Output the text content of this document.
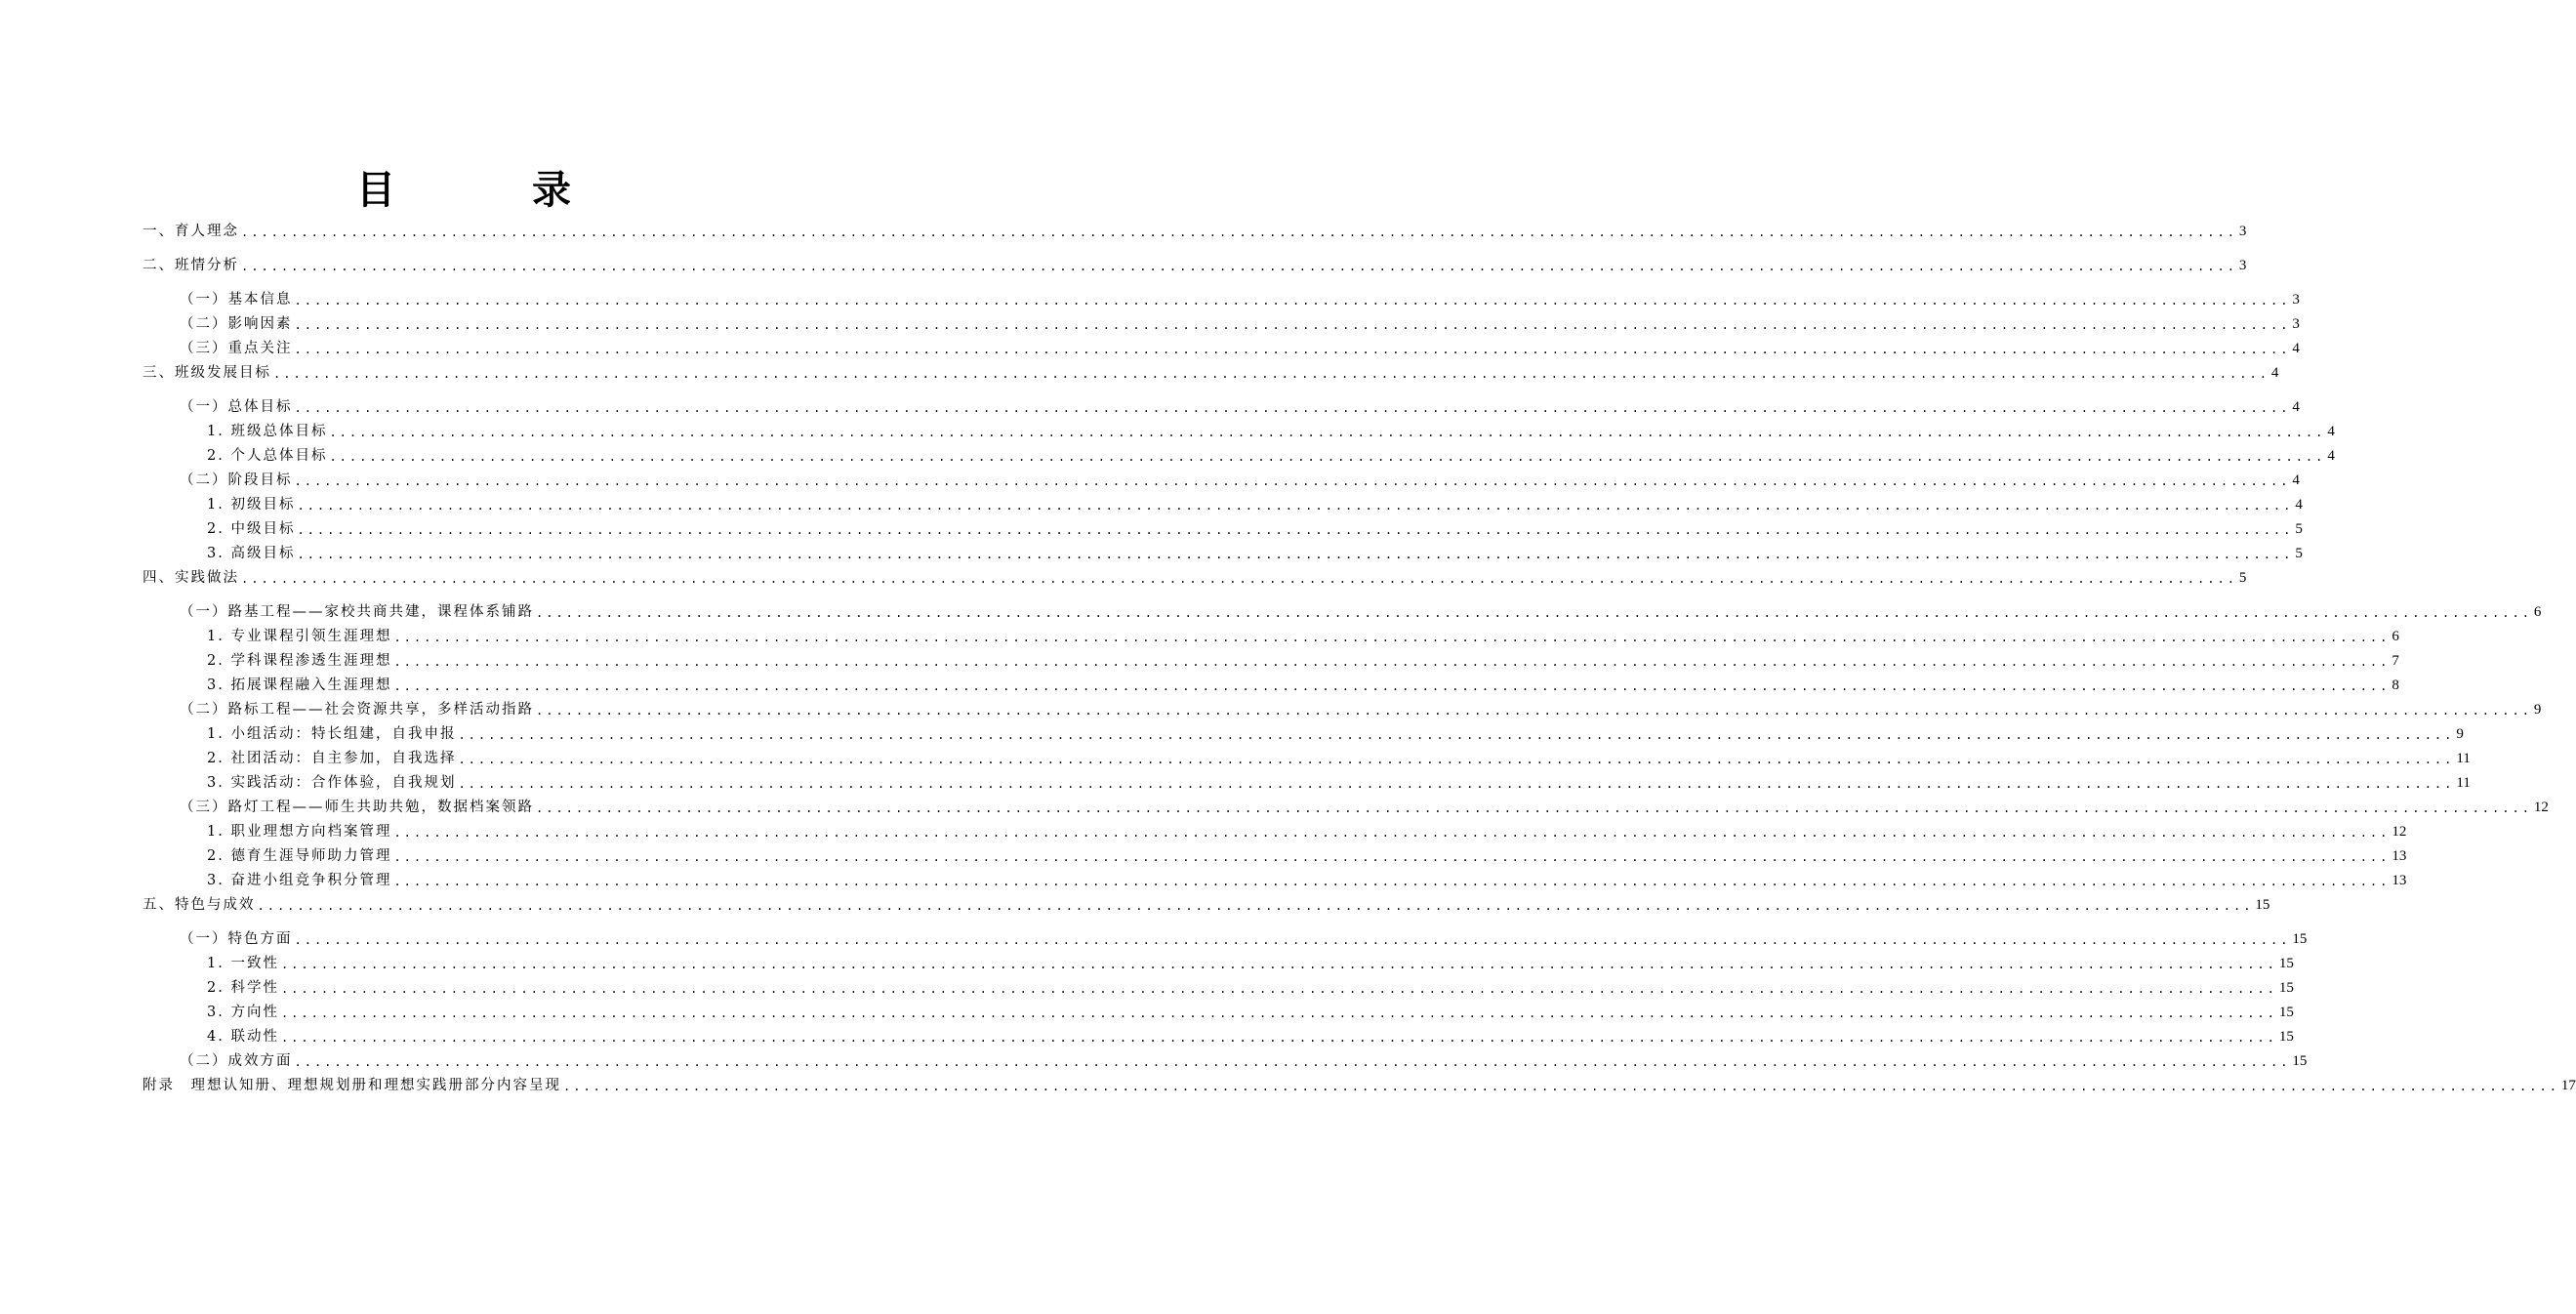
目　录
一、育人理念 ........................................................................................................................................................................................................ 3
二、班情分析 ........................................................................................................................................................................................................ 3
（一）基本信息 ........................................................................................................................................................................................................ 3
（二）影响因素 ........................................................................................................................................................................................................ 3
（三）重点关注 ........................................................................................................................................................................................................ 4
三、班级发展目标 ........................................................................................................................................................................................................ 4
（一）总体目标 ........................................................................................................................................................................................................ 4
1. 班级总体目标 ........................................................................................................................................................................................................ 4
2. 个人总体目标 ........................................................................................................................................................................................................ 4
（二）阶段目标 ........................................................................................................................................................................................................ 4
1. 初级目标 ........................................................................................................................................................................................................ 4
2. 中级目标 ........................................................................................................................................................................................................ 5
3. 高级目标 ........................................................................................................................................................................................................ 5
四、实践做法 ........................................................................................................................................................................................................ 5
（一）路基工程——家校共商共建，课程体系铺路 ........................................................................................................................................................................................................ 6
1. 专业课程引领生涯理想 ........................................................................................................................................................................................................ 6
2. 学科课程渗透生涯理想 ........................................................................................................................................................................................................ 7
3. 拓展课程融入生涯理想 ........................................................................................................................................................................................................ 8
（二）路标工程——社会资源共享，多样活动指路 ........................................................................................................................................................................................................ 9
1. 小组活动：特长组建，自我申报 ........................................................................................................................................................................................................ 9
2. 社团活动：自主参加，自我选择 ........................................................................................................................................................................................................ 11
3. 实践活动：合作体验，自我规划 ........................................................................................................................................................................................................ 11
（三）路灯工程——师生共助共勉，数据档案领路 ........................................................................................................................................................................................................ 12
1. 职业理想方向档案管理 ........................................................................................................................................................................................................ 12
2. 德育生涯导师助力管理 ........................................................................................................................................................................................................ 13
3. 奋进小组竞争积分管理 ........................................................................................................................................................................................................ 13
五、特色与成效 ........................................................................................................................................................................................................ 15
（一）特色方面 ........................................................................................................................................................................................................ 15
1. 一致性 ........................................................................................................................................................................................................ 15
2. 科学性 ........................................................................................................................................................................................................ 15
3. 方向性 ........................................................................................................................................................................................................ 15
4. 联动性 ........................................................................................................................................................................................................ 15
（二）成效方面 ........................................................................................................................................................................................................ 15
附录　理想认知册、理想规划册和理想实践册部分内容呈现 ........................................................................................................................................................................................................ 17
